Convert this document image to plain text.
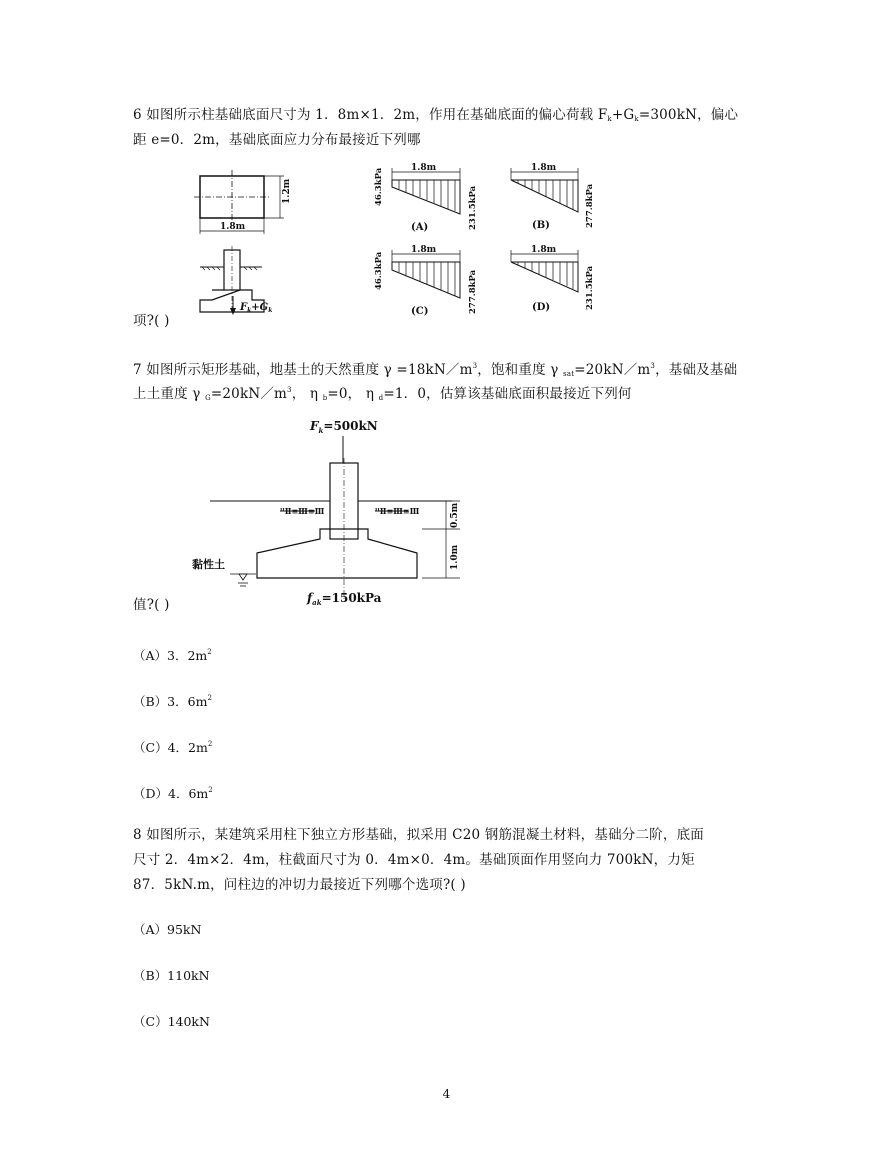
6 如图所示柱基础底面尺寸为 1．8m×1．2m，作用在基础底面的偏心荷载 $F_k+G_k=300kN$，偏心
距 e=0．2m，基础底面应力分布最接近下列哪
1.2m
1.8m
$F_k+G_k$
1.8m
46.3kPa	231.5kPa
(A)
1.8m
277.8kPa
(B)
1.8m
46.3kPa	277.8kPa
(C)
1.8m
231.5kPa
(D)
项?( )
7 如图所示矩形基础，地基土的天然重度 $\gamma =18kN/m^3$，饱和重度 γ $_{sat}=20kN/m^3$，基础及基础
上土重度 γ $_G=20kN/m^3$， η $_b$=0， η $_d$=1．0，估算该基础底面积最接近下列何
$F_k=500kN$
ᴵᴵⅡ≡Ⅲ≡Ⅲ	ᴵᴵⅡ≡Ⅲ≡Ⅲ	0.5m
1.0m
黏性土
$f_{ak}=150kPa$
值?( )
（A）3．$2m^2$
（B）3．$6m^2$
（C）4．$2m^2$
（D）4．$6m^2$
8 如图所示，某建筑采用柱下独立方形基础，拟采用 C20 钢筋混凝土材料，基础分二阶，底面
尺寸 2．4m×2．4m，柱截面尺寸为 0．4m×0．4m。基础顶面作用竖向力 700kN，力矩
87．5kN.m，问柱边的冲切力最接近下列哪个选项?( )
（A）95kN
（B）110kN
（C）140kN
4
